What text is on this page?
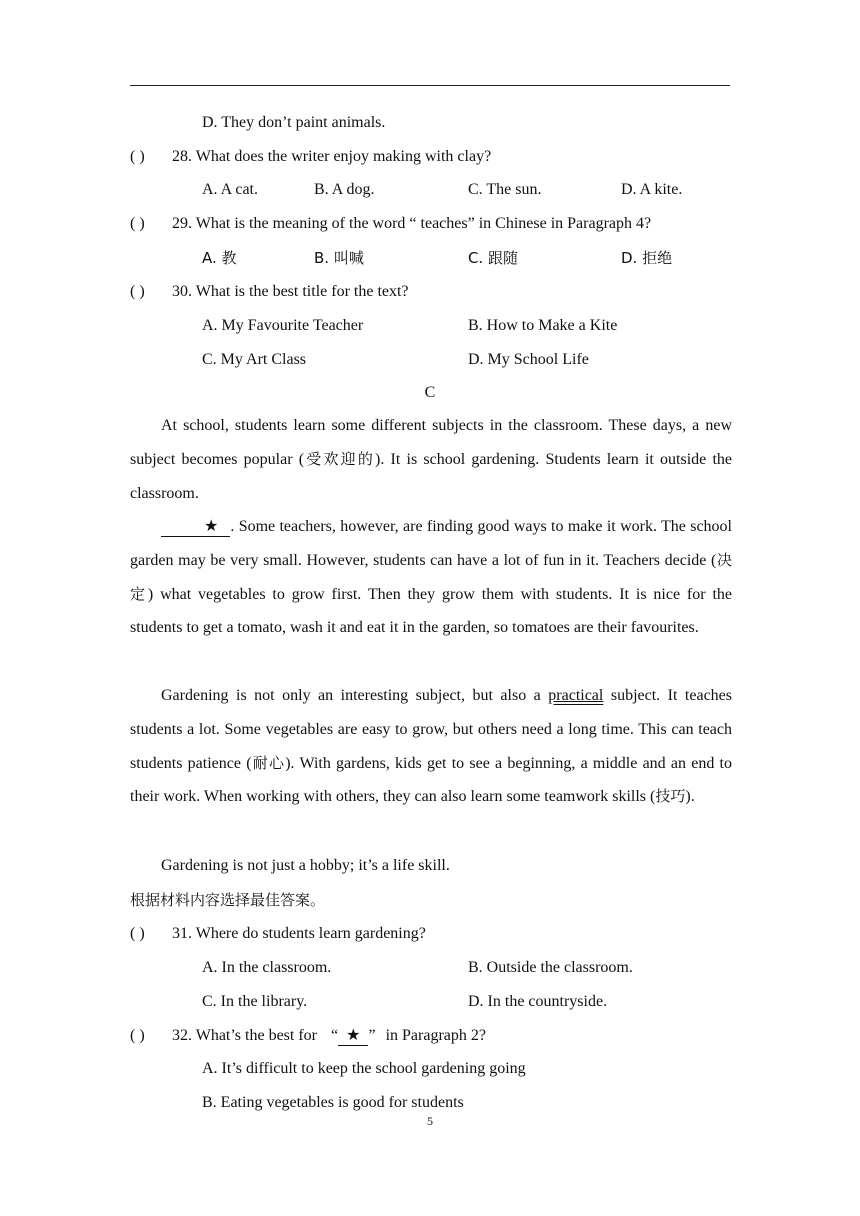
D. They don’t paint animals.
( ) 28. What does the writer enjoy making with clay?
A. A cat.	B. A dog.	C. The sun.	D. A kite.
( ) 29. What is the meaning of the word “ teaches” in Chinese in Paragraph 4?
A. 教	B. 叫喊	C. 跟随	D. 拒绝
( ) 30. What is the best title for the text?
A. My Favourite Teacher	B. How to Make a Kite
C. My Art Class	D. My School Life
C
At school, students learn some different subjects in the classroom. These days, a new subject becomes popular (受欢迎的). It is school gardening. Students learn it outside the classroom.
★ . Some teachers, however, are finding good ways to make it work. The school garden may be very small. However, students can have a lot of fun in it. Teachers decide (决定) what vegetables to grow first. Then they grow them with students. It is nice for the students to get a tomato, wash it and eat it in the garden, so tomatoes are their favourites.
Gardening is not only an interesting subject, but also a practical subject. It teaches students a lot. Some vegetables are easy to grow, but others need a long time. This can teach students patience (耐心). With gardens, kids get to see a beginning, a middle and an end to their work. When working with others, they can also learn some teamwork skills (技巧).
Gardening is not just a hobby; it’s a life skill.
根据材料内容选择最佳答案。
( ) 31. Where do students learn gardening?
A. In the classroom.	B. Outside the classroom.
C. In the library.	D. In the countryside.
( ) 32. What’s the best for “ ★ ” in Paragraph 2?
A. It’s difficult to keep the school gardening going
B. Eating vegetables is good for students
5
